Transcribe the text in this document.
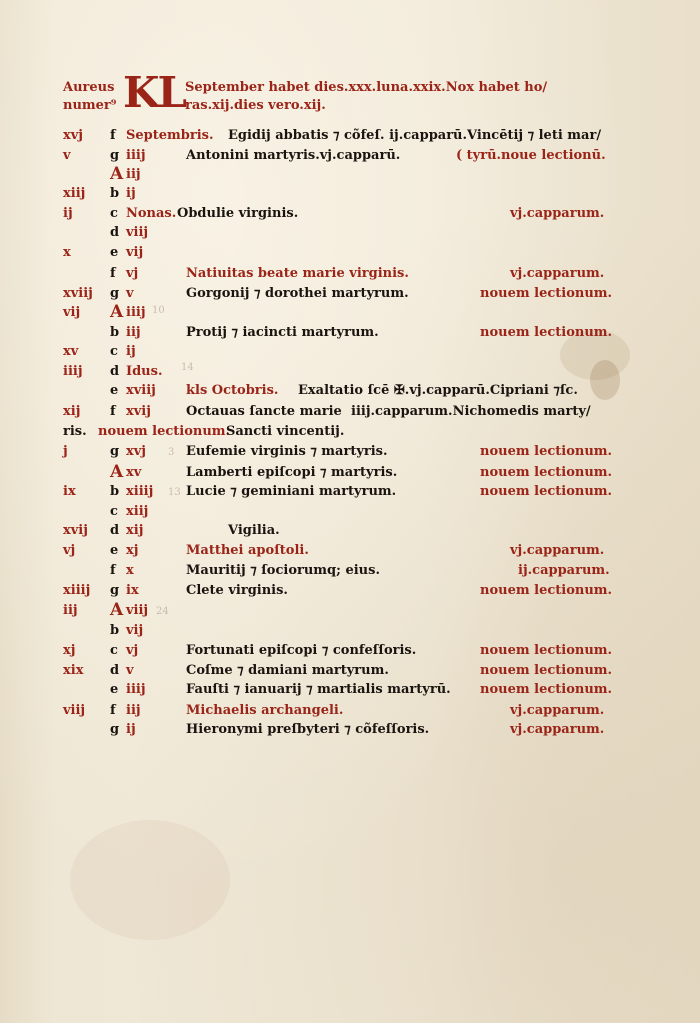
Aureus
numer⁹ KL September habet dies.xxx.luna.xxix.Nox habet ho/
ras.xij.dies vero.xij.
xvj f Septembris. Egidij abbatis ⁊ cõfeſ. ij.capparū.Vincētij ⁊ leti mar/
v	g iiij	Antonini martyris.vj.capparū.	( tyrū.noue lectionū.
A iij
xiij b ij
ij	c Nonas. Obdulie virginis.	vj.capparum.
d viij
x	e vij
f vj	Natiuitas beate marie virginis.	vj.capparum.
xviij g v	Gorgonij ⁊ dorothei martyrum.	nouem lectionum.
vij A iiij
b iij	Protij ⁊ iacincti martyrum.	nouem lectionum.
xv c ij
iiij d Idus.
e xviij kls Octobris. Exaltatio ſcē ✠.vj.capparū.Cipriani ⁊ſc.
xij f xvij	Octauas ſancte marie iiij.capparum.Nichomedis marty/
ris. nouem lectionum.
Sancti vincentij.
j	g xvj	Eufemie virginis ⁊ martyris.	nouem lectionum.
A xv	Lamberti epiſcopi ⁊ martyris.	nouem lectionum.
ix	b xiiij	Lucie ⁊ geminiani martyrum.	nouem lectionum.
c xiij
xvij d xij	Vigilia.
vj	e xj	Matthei apoſtoli.	vj.capparum.
f x	Mauritij ⁊ ſociorumq; eius.	ij.capparum.
xiiij g ix	Clete virginis.	nouem lectionum.
iij A viij
b vij
xj	c vj	Fortunati epiſcopi ⁊ confeſſoris.	nouem lectionum.
xix d v	Coſme ⁊ damiani martyrum.	nouem lectionum.
e iiij	Fauſti ⁊ ianuarij ⁊ martialis martyrū. nouem lectionum.
viij f iij	Michaelis archangeli.	vj.capparum.
g ij	Hieronymi preſbyteri ⁊ cõfeſſoris.	vj.capparum.
10
14
3
13
24
